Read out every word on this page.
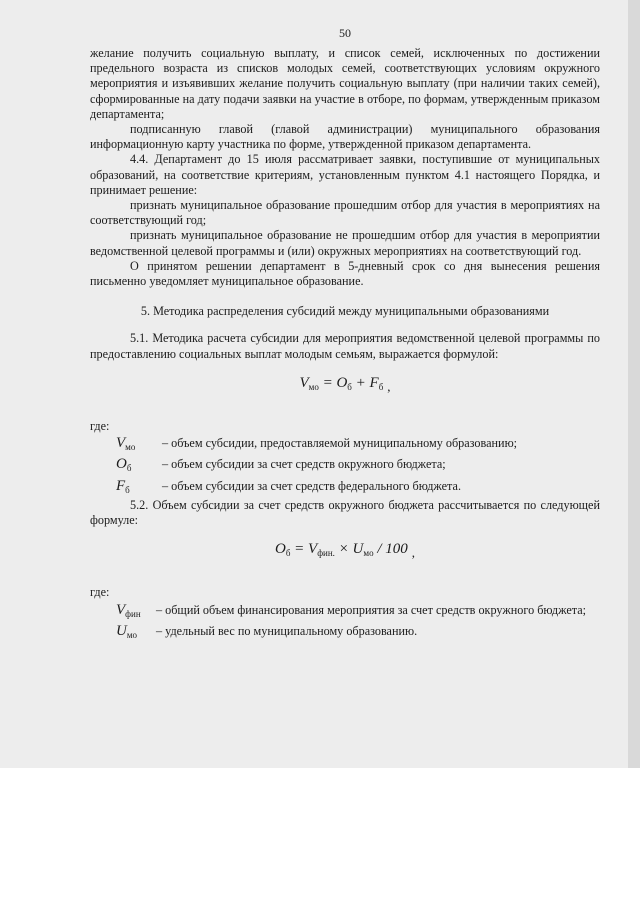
50

желание получить социальную выплату, и список семей, исключенных по достижении предельного возраста из списков молодых семей, соответствующих условиям окружного мероприятия и изъявивших желание получить социальную выплату (при наличии таких семей), сформированные на дату подачи заявки на участие в отборе, по формам, утвержденным приказом департамента;

подписанную главой (главой администрации) муниципального образования информационную карту участника по форме, утвержденной приказом департамента.

4.4. Департамент до 15 июля рассматривает заявки, поступившие от муниципальных образований, на соответствие критериям, установленным пунктом 4.1 настоящего Порядка, и принимает решение:

признать муниципальное образование прошедшим отбор для участия в мероприятиях на соответствующий год;

признать муниципальное образование не прошедшим отбор для участия в мероприятии ведомственной целевой программы и (или) окружных мероприятиях на соответствующий год.

О принятом решении департамент в 5-дневный срок со дня вынесения решения письменно уведомляет муниципальное образование.

5. Методика распределения субсидий между муниципальными образованиями

5.1. Методика расчета субсидии для мероприятия ведомственной целевой программы по предоставлению социальных выплат молодым семьям, выражается формулой:

$V_{мо} = O_б + F_б$ ,

где:

$V_{мо}$	– объем субсидии, предоставляемой муниципальному образованию;
$O_б$	– объем субсидии за счет средств окружного бюджета;
$F_б$	– объем субсидии за счет средств федерального бюджета.

5.2. Объем субсидии за счет средств окружного бюджета рассчитывается по следующей формуле:

$O_б = V_{фин.} \times U_{мо} / 100$ ,

где:

$V_{фин}$	– общий объем финансирования мероприятия за счет средств окружного бюджета;
$U_{мо}$	– удельный вес по муниципальному образованию.
